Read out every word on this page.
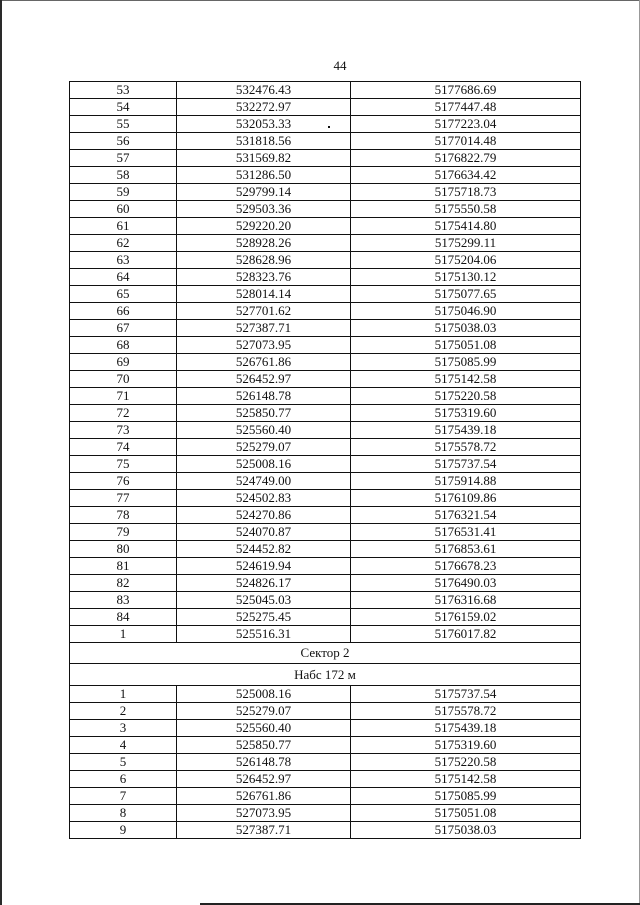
44
53	532476.43	5177686.69
54	532272.97	5177447.48
55	532053.33	5177223.04
56	531818.56	5177014.48
57	531569.82	5176822.79
58	531286.50	5176634.42
59	529799.14	5175718.73
60	529503.36	5175550.58
61	529220.20	5175414.80
62	528928.26	5175299.11
63	528628.96	5175204.06
64	528323.76	5175130.12
65	528014.14	5175077.65
66	527701.62	5175046.90
67	527387.71	5175038.03
68	527073.95	5175051.08
69	526761.86	5175085.99
70	526452.97	5175142.58
71	526148.78	5175220.58
72	525850.77	5175319.60
73	525560.40	5175439.18
74	525279.07	5175578.72
75	525008.16	5175737.54
76	524749.00	5175914.88
77	524502.83	5176109.86
78	524270.86	5176321.54
79	524070.87	5176531.41
80	524452.82	5176853.61
81	524619.94	5176678.23
82	524826.17	5176490.03
83	525045.03	5176316.68
84	525275.45	5176159.02
1	525516.31	5176017.82
Сектор 2		
Набс 172 м		
1	525008.16	5175737.54
2	525279.07	5175578.72
3	525560.40	5175439.18
4	525850.77	5175319.60
5	526148.78	5175220.58
6	526452.97	5175142.58
7	526761.86	5175085.99
8	527073.95	5175051.08
9	527387.71	5175038.03
